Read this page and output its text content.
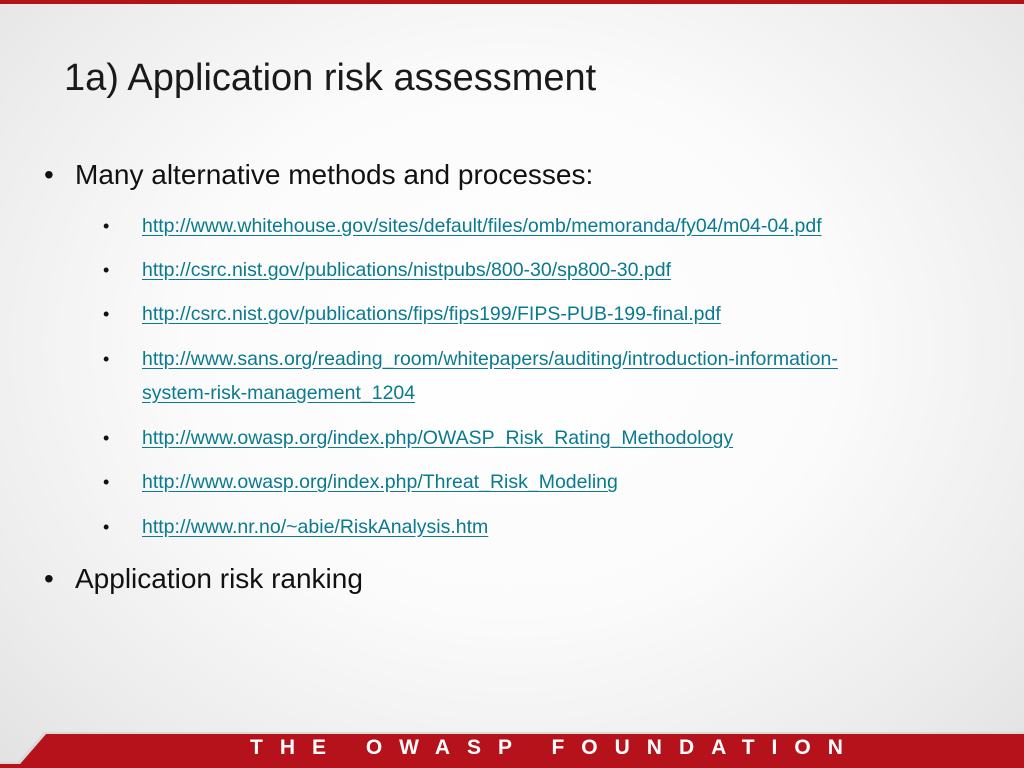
1a) Application risk assessment
• Many alternative methods and processes:
• http://www.whitehouse.gov/sites/default/files/omb/memoranda/fy04/m04-04.pdf
• http://csrc.nist.gov/publications/nistpubs/800-30/sp800-30.pdf
• http://csrc.nist.gov/publications/fips/fips199/FIPS-PUB-199-final.pdf
• http://www.sans.org/reading_room/whitepapers/auditing/introduction-information-system-risk-management_1204
• http://www.owasp.org/index.php/OWASP_Risk_Rating_Methodology
• http://www.owasp.org/index.php/Threat_Risk_Modeling
• http://www.nr.no/~abie/RiskAnalysis.htm
• Application risk ranking
THE OWASP FOUNDATION
